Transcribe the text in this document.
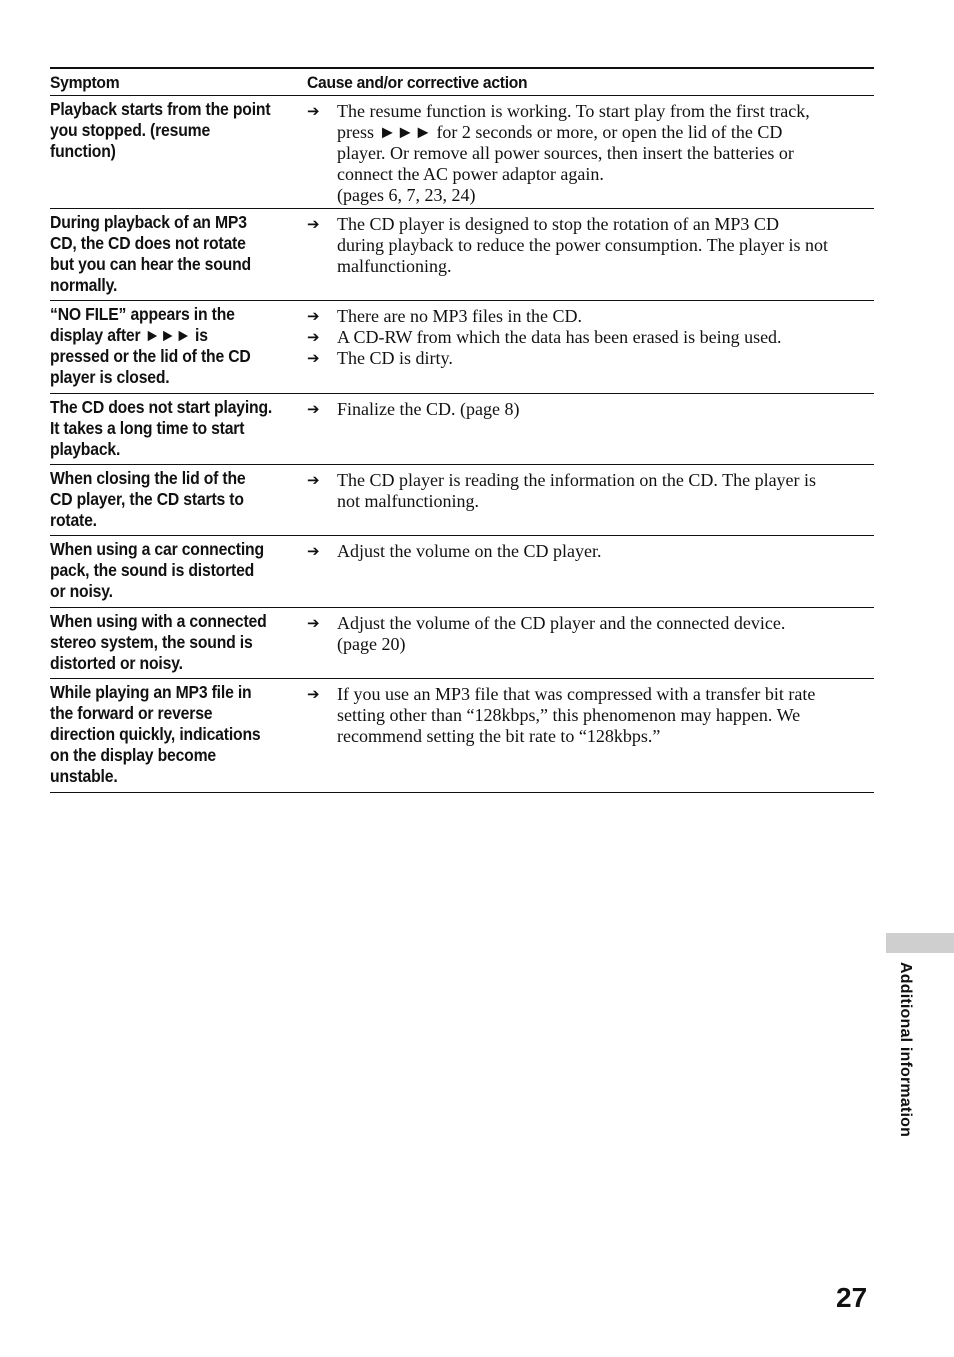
Symptom	Cause and/or corrective action
Playback starts from the point
you stopped. (resume
function)
➔ The resume function is working. To start play from the first track,
press ►►► for 2 seconds or more, or open the lid of the CD
player. Or remove all power sources, then insert the batteries or
connect the AC power adaptor again.
(pages 6, 7, 23, 24)
During playback of an MP3
CD, the CD does not rotate
but you can hear the sound
normally.
➔ The CD player is designed to stop the rotation of an MP3 CD
during playback to reduce the power consumption. The player is not
malfunctioning.
“NO FILE” appears in the
display after ►►► is
pressed or the lid of the CD
player is closed.
➔ There are no MP3 files in the CD.
➔ A CD-RW from which the data has been erased is being used.
➔ The CD is dirty.
The CD does not start playing.
It takes a long time to start
playback.
➔ Finalize the CD. (page 8)
When closing the lid of the
CD player, the CD starts to
rotate.
➔ The CD player is reading the information on the CD. The player is
not malfunctioning.
When using a car connecting
pack, the sound is distorted
or noisy.
➔ Adjust the volume on the CD player.
When using with a connected
stereo system, the sound is
distorted or noisy.
➔ Adjust the volume of the CD player and the connected device.
(page 20)
While playing an MP3 file in
the forward or reverse
direction quickly, indications
on the display become
unstable.
➔ If you use an MP3 file that was compressed with a transfer bit rate
setting other than “128kbps,” this phenomenon may happen. We
recommend setting the bit rate to “128kbps.”
Additional information
27
